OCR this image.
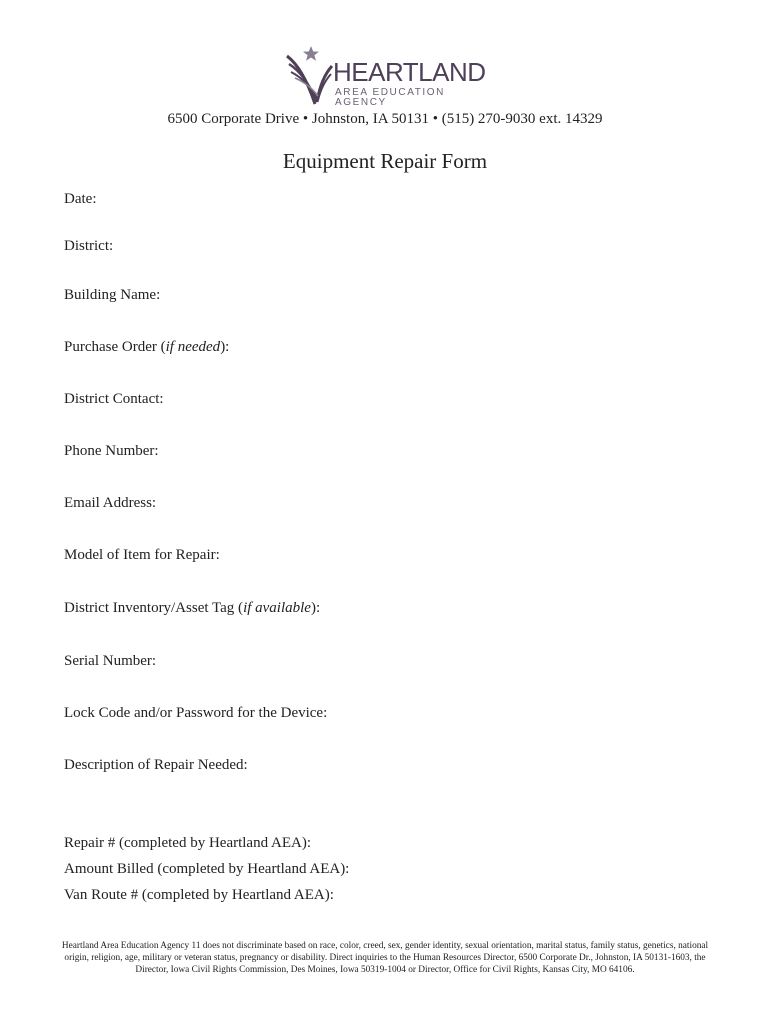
HEARTLAND
AREA EDUCATION AGENCY
6500 Corporate Drive • Johnston, IA 50131 • (515) 270-9030 ext. 14329
Equipment Repair Form
Date:
District:
Building Name:
Purchase Order (if needed):
District Contact:
Phone Number:
Email Address:
Model of Item for Repair:
District Inventory/Asset Tag (if available):
Serial Number:
Lock Code and/or Password for the Device:
Description of Repair Needed:
Repair # (completed by Heartland AEA):
Amount Billed (completed by Heartland AEA):
Van Route # (completed by Heartland AEA):
Heartland Area Education Agency 11 does not discriminate based on race, color, creed, sex, gender identity, sexual orientation, marital status, family status, genetics, national origin, religion, age, military or veteran status, pregnancy or disability. Direct inquiries to the Human Resources Director, 6500 Corporate Dr., Johnston, IA 50131-1603, the Director, Iowa Civil Rights Commission, Des Moines, Iowa 50319-1004 or Director, Office for Civil Rights, Kansas City, MO 64106.
